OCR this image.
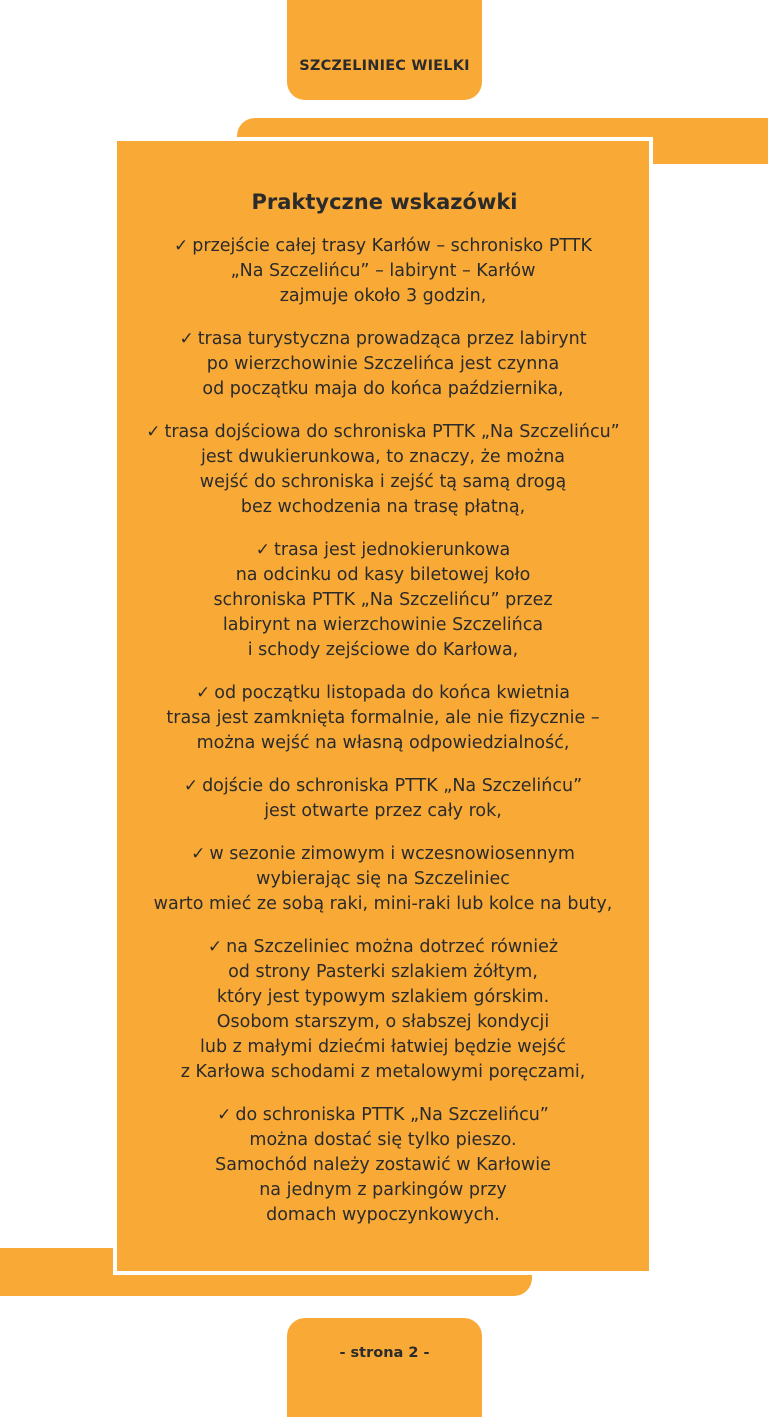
SZCZELINIEC WIELKI
Praktyczne wskazówki
✓ przejście całej trasy Karłów – schronisko PTTK
„Na Szczelińcu” – labirynt – Karłów
zajmuje około 3 godzin,
✓ trasa turystyczna prowadząca przez labirynt
po wierzchowinie Szczelińca jest czynna
od początku maja do końca października,
✓ trasa dojściowa do schroniska PTTK „Na Szczelińcu”
jest dwukierunkowa, to znaczy, że można
wejść do schroniska i zejść tą samą drogą
bez wchodzenia na trasę płatną,
✓ trasa jest jednokierunkowa
na odcinku od kasy biletowej koło
schroniska PTTK „Na Szczelińcu” przez
labirynt na wierzchowinie Szczelińca
i schody zejściowe do Karłowa,
✓ od początku listopada do końca kwietnia
trasa jest zamknięta formalnie, ale nie fizycznie –
można wejść na własną odpowiedzialność,
✓ dojście do schroniska PTTK „Na Szczelińcu”
jest otwarte przez cały rok,
✓ w sezonie zimowym i wczesnowiosennym
wybierając się na Szczeliniec
warto mieć ze sobą raki, mini-raki lub kolce na buty,
✓ na Szczeliniec można dotrzeć również
od strony Pasterki szlakiem żółtym,
który jest typowym szlakiem górskim.
Osobom starszym, o słabszej kondycji
lub z małymi dziećmi łatwiej będzie wejść
z Karłowa schodami z metalowymi poręczami,
✓ do schroniska PTTK „Na Szczelińcu”
można dostać się tylko pieszo.
Samochód należy zostawić w Karłowie
na jednym z parkingów przy
domach wypoczynkowych.
- strona 2 -
